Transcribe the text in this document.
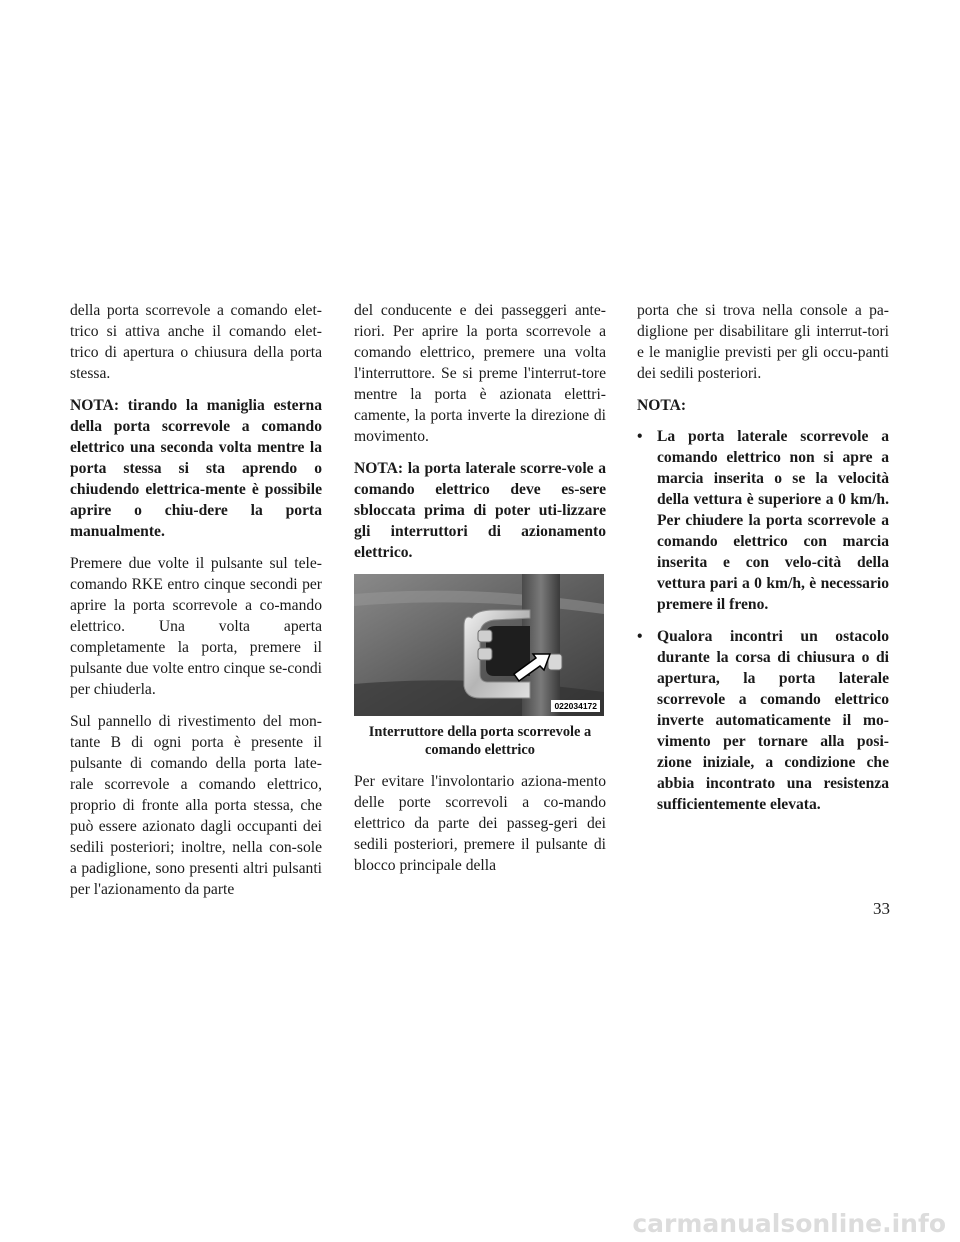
della porta scorrevole a comando elet-trico si attiva anche il comando elet-trico di apertura o chiusura della porta stessa.

NOTA: tirando la maniglia esterna della porta scorrevole a comando elettrico una seconda volta mentre la porta stessa si sta aprendo o chiudendo elettrica-mente è possibile aprire o chiu-dere la porta manualmente.

Premere due volte il pulsante sul tele-comando RKE entro cinque secondi per aprire la porta scorrevole a co-mando elettrico. Una volta aperta completamente la porta, premere il pulsante due volte entro cinque se-condi per chiuderla.

Sul pannello di rivestimento del mon-tante B di ogni porta è presente il pulsante di comando della porta late-rale scorrevole a comando elettrico, proprio di fronte alla porta stessa, che può essere azionato dagli occupanti dei sedili posteriori; inoltre, nella con-sole a padiglione, sono presenti altri pulsanti per l'azionamento da parte

del conducente e dei passeggeri ante-riori. Per aprire la porta scorrevole a comando elettrico, premere una volta l'interruttore. Se si preme l'interrut-tore mentre la porta è azionata elettri-camente, la porta inverte la direzione di movimento.

NOTA: la porta laterale scorre-vole a comando elettrico deve es-sere sbloccata prima di poter uti-lizzare gli interruttori di azionamento elettrico.

022034172
Interruttore della porta scorrevole a
comando elettrico

Per evitare l'involontario aziona-mento delle porte scorrevoli a co-mando elettrico da parte dei passeg-geri dei sedili posteriori, premere il pulsante di blocco principale della

porta che si trova nella console a pa-diglione per disabilitare gli interrut-tori e le maniglie previsti per gli occu-panti dei sedili posteriori.

NOTA:
• La porta laterale scorrevole a comando elettrico non si apre a marcia inserita o se la velocità della vettura è superiore a 0 km/h. Per chiudere la porta scorrevole a comando elettrico con marcia inserita e con velo-cità della vettura pari a 0 km/h, è necessario premere il freno.
• Qualora incontri un ostacolo durante la corsa di chiusura o di apertura, la porta laterale scorrevole a comando elettrico inverte automaticamente il mo-vimento per tornare alla posi-zione iniziale, a condizione che abbia incontrato una resistenza sufficientemente elevata.
33
carmanualsonline.info
